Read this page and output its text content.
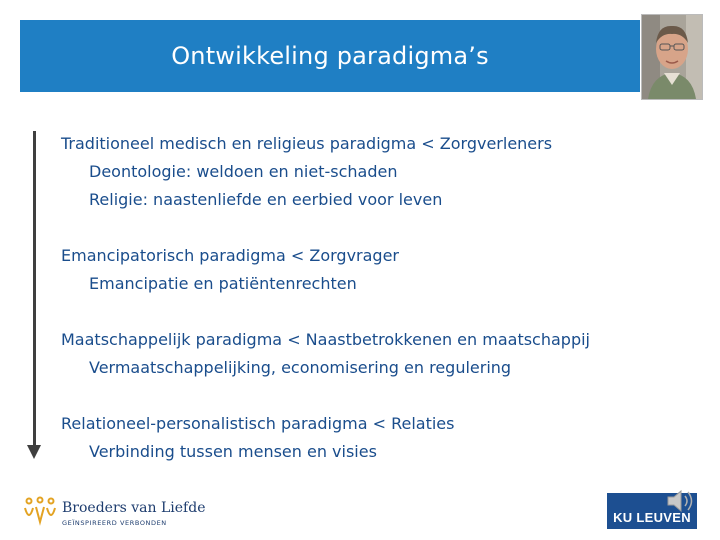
Ontwikkeling paradigma’s
Traditioneel medisch en religieus paradigma < Zorgverleners
Deontologie: weldoen en niet-schaden
Religie: naastenliefde en eerbied voor leven
Emancipatorisch paradigma < Zorgvrager
Emancipatie en patiëntenrechten
Maatschappelijk paradigma < Naastbetrokkenen en maatschappij
Vermaatschappelijking, economisering en regulering
Relationeel-personalistisch paradigma < Relaties
Verbinding tussen mensen en visies
Broeders van Liefde
GEÏNSPIREERD VERBONDEN	KU LEUVEN
